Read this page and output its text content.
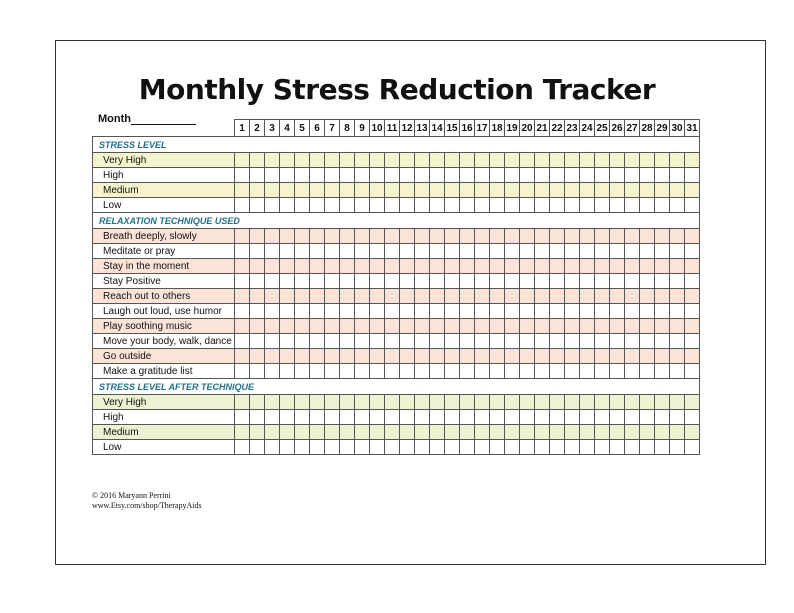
Monthly Stress Reduction Tracker
Month
	1	2	3	4	5	6	7	8	9	10	11	12	13	14	15	16	17	18	19	20	21	22	23	24	25	26	27	28	29	30	31
STRESS LEVEL																															
Very High																															
High																															
Medium																															
Low																															
RELAXATION TECHNIQUE USED																															
Breath deeply, slowly																															
Meditate or pray																															
Stay in the moment																															
Stay Positive																															
Reach out to others																															
Laugh out loud, use humor																															
Play soothing music																															
Move your body, walk, dance																															
Go outside																															
Make a gratitude list																															
STRESS LEVEL AFTER TECHNIQUE																															
Very High																															
High																															
Medium																															
Low																															
© 2016 Maryann Perrini
www.Etsy.com/shop/TherapyAids
